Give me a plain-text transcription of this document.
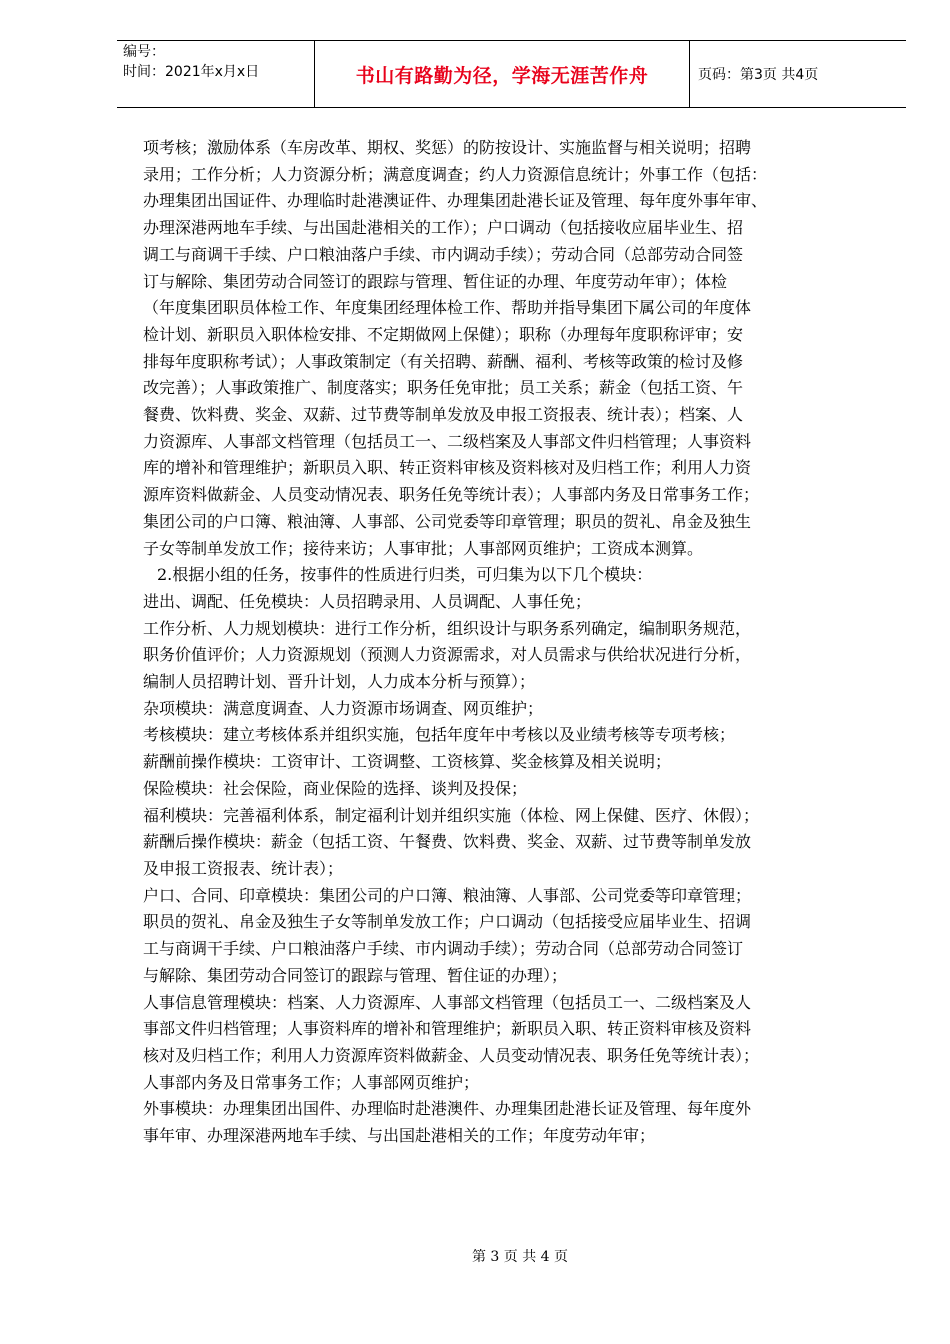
编号：
时间：2021年x月x日	书山有路勤为径，学海无涯苦作舟	页码：第3页 共4页

项考核；激励体系（车房改革、期权、奖惩）的防按设计、实施监督与相关说明；招聘

录用；工作分析；人力资源分析；满意度调查；约人力资源信息统计；外事工作（包括：

办理集团出国证件、办理临时赴港澳证件、办理集团赴港长证及管理、每年度外事年审、

办理深港两地车手续、与出国赴港相关的工作）；户口调动（包括接收应届毕业生、招

调工与商调干手续、户口粮油落户手续、市内调动手续）；劳动合同（总部劳动合同签

订与解除、集团劳动合同签订的跟踪与管理、暂住证的办理、年度劳动年审）；体检

（年度集团职员体检工作、年度集团经理体检工作、帮助并指导集团下属公司的年度体

检计划、新职员入职体检安排、不定期做网上保健）；职称（办理每年度职称评审；安

排每年度职称考试）；人事政策制定（有关招聘、薪酬、福利、考核等政策的检讨及修

改完善）；人事政策推广、制度落实；职务任免审批；员工关系；薪金（包括工资、午

餐费、饮料费、奖金、双薪、过节费等制单发放及申报工资报表、统计表）；档案、人

力资源库、人事部文档管理（包括员工一、二级档案及人事部文件归档管理；人事资料

库的增补和管理维护；新职员入职、转正资料审核及资料核对及归档工作；利用人力资

源库资料做薪金、人员变动情况表、职务任免等统计表）；人事部内务及日常事务工作；

集团公司的户口簿、粮油簿、人事部、公司党委等印章管理；职员的贺礼、帛金及独生

子女等制单发放工作；接待来访；人事审批；人事部网页维护；工资成本测算。

2.根据小组的任务，按事件的性质进行归类，可归集为以下几个模块：

进出、调配、任免模块：人员招聘录用、人员调配、人事任免；

工作分析、人力规划模块：进行工作分析，组织设计与职务系列确定，编制职务规范，

职务价值评价；人力资源规划（预测人力资源需求，对人员需求与供给状况进行分析，

编制人员招聘计划、晋升计划，人力成本分析与预算）；

杂项模块：满意度调查、人力资源市场调查、网页维护；

考核模块：建立考核体系并组织实施，包括年度年中考核以及业绩考核等专项考核；

薪酬前操作模块：工资审计、工资调整、工资核算、奖金核算及相关说明；

保险模块：社会保险，商业保险的选择、谈判及投保；

福利模块：完善福利体系，制定福利计划并组织实施（体检、网上保健、医疗、休假）；

薪酬后操作模块：薪金（包括工资、午餐费、饮料费、奖金、双薪、过节费等制单发放

及申报工资报表、统计表）；

户口、合同、印章模块：集团公司的户口簿、粮油簿、人事部、公司党委等印章管理；

职员的贺礼、帛金及独生子女等制单发放工作；户口调动（包括接受应届毕业生、招调

工与商调干手续、户口粮油落户手续、市内调动手续）；劳动合同（总部劳动合同签订

与解除、集团劳动合同签订的跟踪与管理、暂住证的办理）；

人事信息管理模块：档案、人力资源库、人事部文档管理（包括员工一、二级档案及人

事部文件归档管理；人事资料库的增补和管理维护；新职员入职、转正资料审核及资料

核对及归档工作；利用人力资源库资料做薪金、人员变动情况表、职务任免等统计表）；

人事部内务及日常事务工作；人事部网页维护；

外事模块：办理集团出国件、办理临时赴港澳件、办理集团赴港长证及管理、每年度外

事年审、办理深港两地车手续、与出国赴港相关的工作；年度劳动年审；

第 3 页 共 4 页
